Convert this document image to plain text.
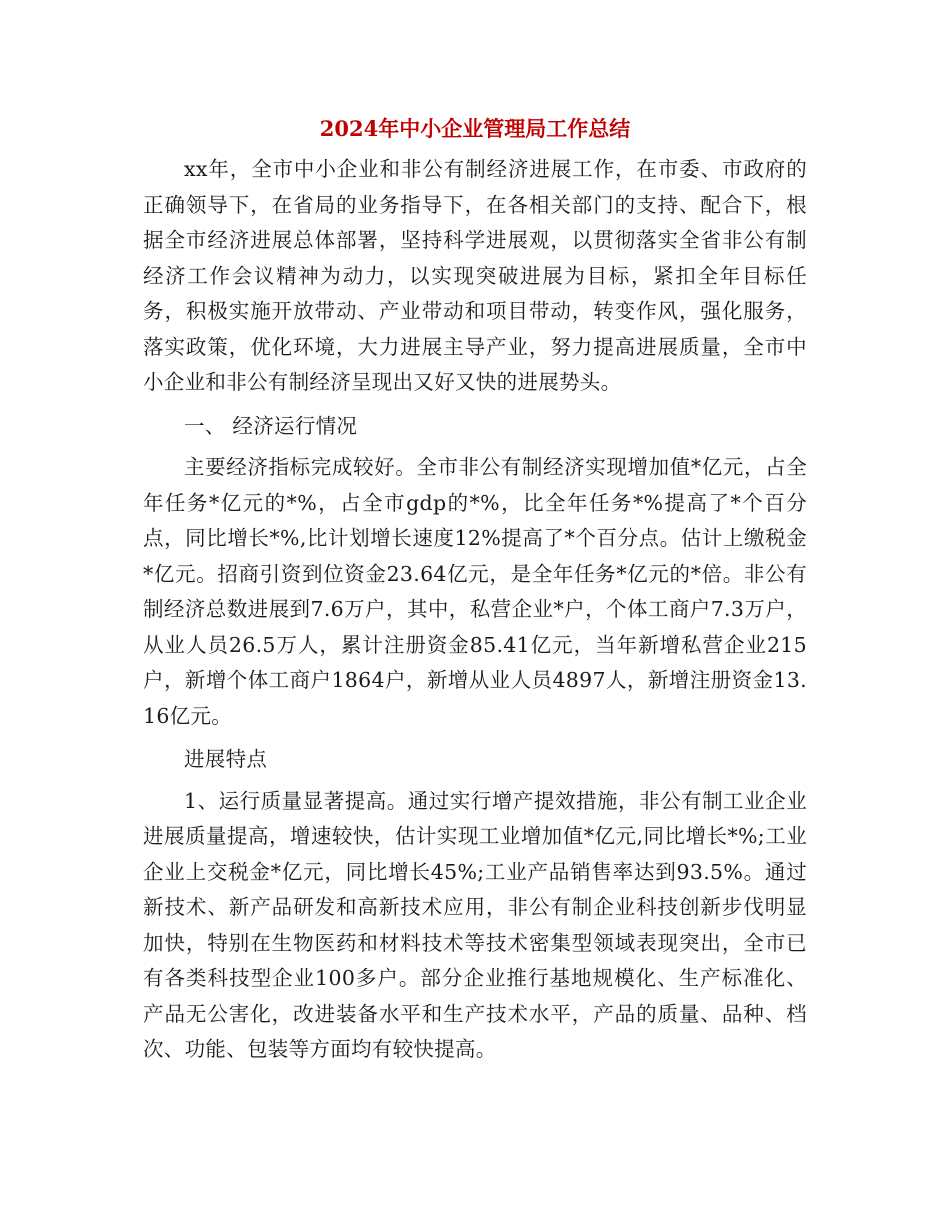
2024年中小企业管理局工作总结

xx年，全市中小企业和非公有制经济进展工作，在市委、市政府的正确领导下，在省局的业务指导下，在各相关部门的支持、配合下，根据全市经济进展总体部署，坚持科学进展观，以贯彻落实全省非公有制经济工作会议精神为动力，以实现突破进展为目标，紧扣全年目标任务，积极实施开放带动、产业带动和项目带动，转变作风，强化服务，落实政策，优化环境，大力进展主导产业，努力提高进展质量，全市中小企业和非公有制经济呈现出又好又快的进展势头。

一、 经济运行情况

主要经济指标完成较好。全市非公有制经济实现增加值*亿元，占全年任务*亿元的*%，占全市gdp的*%，比全年任务*%提高了*个百分点，同比增长*%,比计划增长速度12%提高了*个百分点。估计上缴税金*亿元。招商引资到位资金23.64亿元，是全年任务*亿元的*倍。非公有制经济总数进展到7.6万户，其中，私营企业*户，个体工商户7.3万户，从业人员26.5万人，累计注册资金85.41亿元，当年新增私营企业215户，新增个体工商户1864户，新增从业人员4897人，新增注册资金13.16亿元。

进展特点

1、运行质量显著提高。通过实行增产提效措施，非公有制工业企业进展质量提高，增速较快，估计实现工业增加值*亿元,同比增长*%;工业企业上交税金*亿元，同比增长45%;工业产品销售率达到93.5%。通过新技术、新产品研发和高新技术应用，非公有制企业科技创新步伐明显加快，特别在生物医药和材料技术等技术密集型领域表现突出，全市已有各类科技型企业100多户。部分企业推行基地规模化、生产标准化、产品无公害化，改进装备水平和生产技术水平，产品的质量、品种、档次、功能、包装等方面均有较快提高。
